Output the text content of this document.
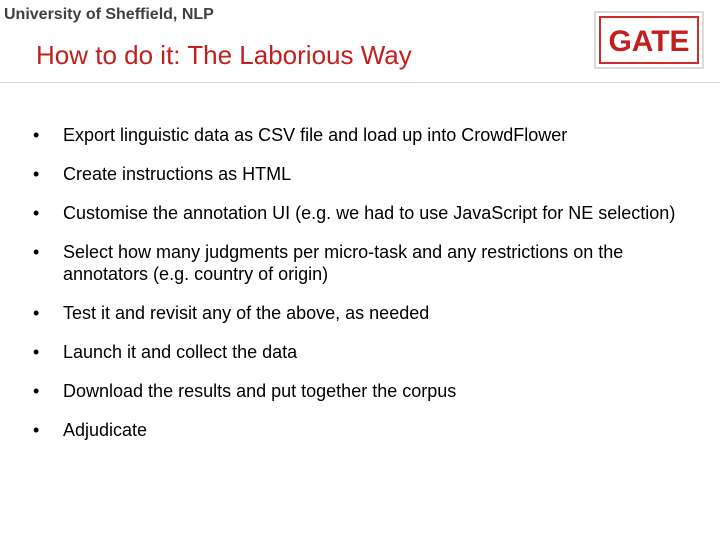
University of Sheffield, NLP
How to do it: The Laborious Way	GATE
• Export linguistic data as CSV file and load up into CrowdFlower
• Create instructions as HTML
• Customise the annotation UI (e.g. we had to use JavaScript for NE selection)
• Select how many judgments per micro-task and any restrictions on the annotators (e.g. country of origin)
• Test it and revisit any of the above, as needed
• Launch it and collect the data
• Download the results and put together the corpus
• Adjudicate
